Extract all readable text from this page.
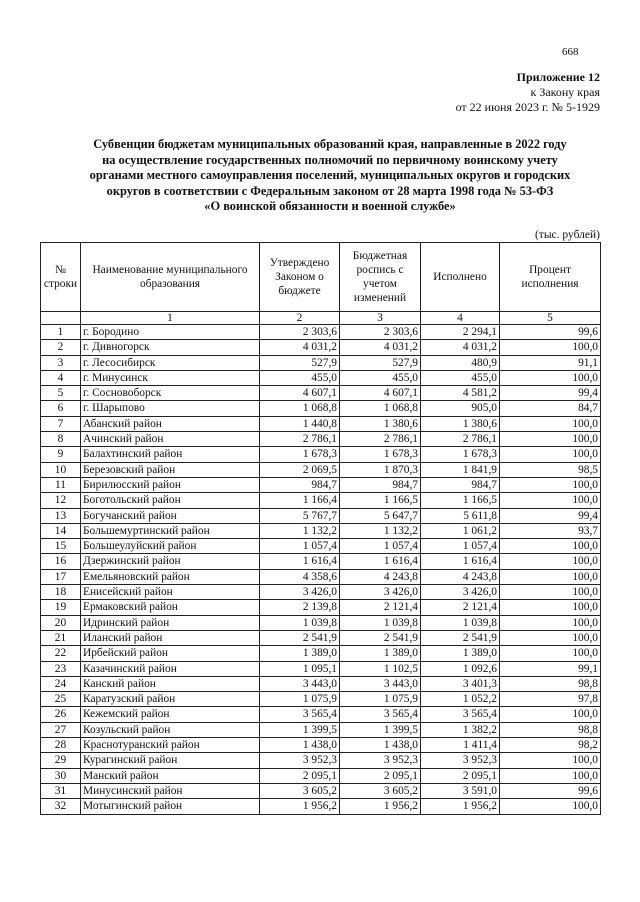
668
Приложение 12
к Закону края
от 22 июня 2023 г. № 5-1929
Субвенции бюджетам муниципальных образований края, направленные в 2022 году
на осуществление государственных полномочий по первичному воинскому учету
органами местного самоуправления поселений, муниципальных округов и городских
округов в соответствии с Федеральным законом от 28 марта 1998 года № 53-ФЗ
«О воинской обязанности и военной службе»
(тыс. рублей)
№ строки	Наименование муниципального образования	Утверждено Законом о бюджете	Бюджетная роспись с учетом изменений	Исполнено	Процент исполнения
	1	2	3	4	5
1	г. Бородино	2 303,6	2 303,6	2 294,1	99,6
2	г. Дивногорск	4 031,2	4 031,2	4 031,2	100,0
3	г. Лесосибирск	527,9	527,9	480,9	91,1
4	г. Минусинск	455,0	455,0	455,0	100,0
5	г. Сосновоборск	4 607,1	4 607,1	4 581,2	99,4
6	г. Шарыпово	1 068,8	1 068,8	905,0	84,7
7	Абанский район	1 440,8	1 380,6	1 380,6	100,0
8	Ачинский район	2 786,1	2 786,1	2 786,1	100,0
9	Балахтинский район	1 678,3	1 678,3	1 678,3	100,0
10	Березовский район	2 069,5	1 870,3	1 841,9	98,5
11	Бирилюсский район	984,7	984,7	984,7	100,0
12	Боготольский район	1 166,4	1 166,5	1 166,5	100,0
13	Богучанский район	5 767,7	5 647,7	5 611,8	99,4
14	Большемуртинский район	1 132,2	1 132,2	1 061,2	93,7
15	Большеулуйский район	1 057,4	1 057,4	1 057,4	100,0
16	Дзержинский район	1 616,4	1 616,4	1 616,4	100,0
17	Емельяновский район	4 358,6	4 243,8	4 243,8	100,0
18	Енисейский район	3 426,0	3 426,0	3 426,0	100,0
19	Ермаковский район	2 139,8	2 121,4	2 121,4	100,0
20	Идринский район	1 039,8	1 039,8	1 039,8	100,0
21	Иланский район	2 541,9	2 541,9	2 541,9	100,0
22	Ирбейский район	1 389,0	1 389,0	1 389,0	100,0
23	Казачинский район	1 095,1	1 102,5	1 092,6	99,1
24	Канский район	3 443,0	3 443,0	3 401,3	98,8
25	Каратузский район	1 075,9	1 075,9	1 052,2	97,8
26	Кежемский район	3 565,4	3 565,4	3 565,4	100,0
27	Козульский район	1 399,5	1 399,5	1 382,2	98,8
28	Краснотуранский район	1 438,0	1 438,0	1 411,4	98,2
29	Курагинский район	3 952,3	3 952,3	3 952,3	100,0
30	Манский район	2 095,1	2 095,1	2 095,1	100,0
31	Минусинский район	3 605,2	3 605,2	3 591,0	99,6
32	Мотыгинский район	1 956,2	1 956,2	1 956,2	100,0
